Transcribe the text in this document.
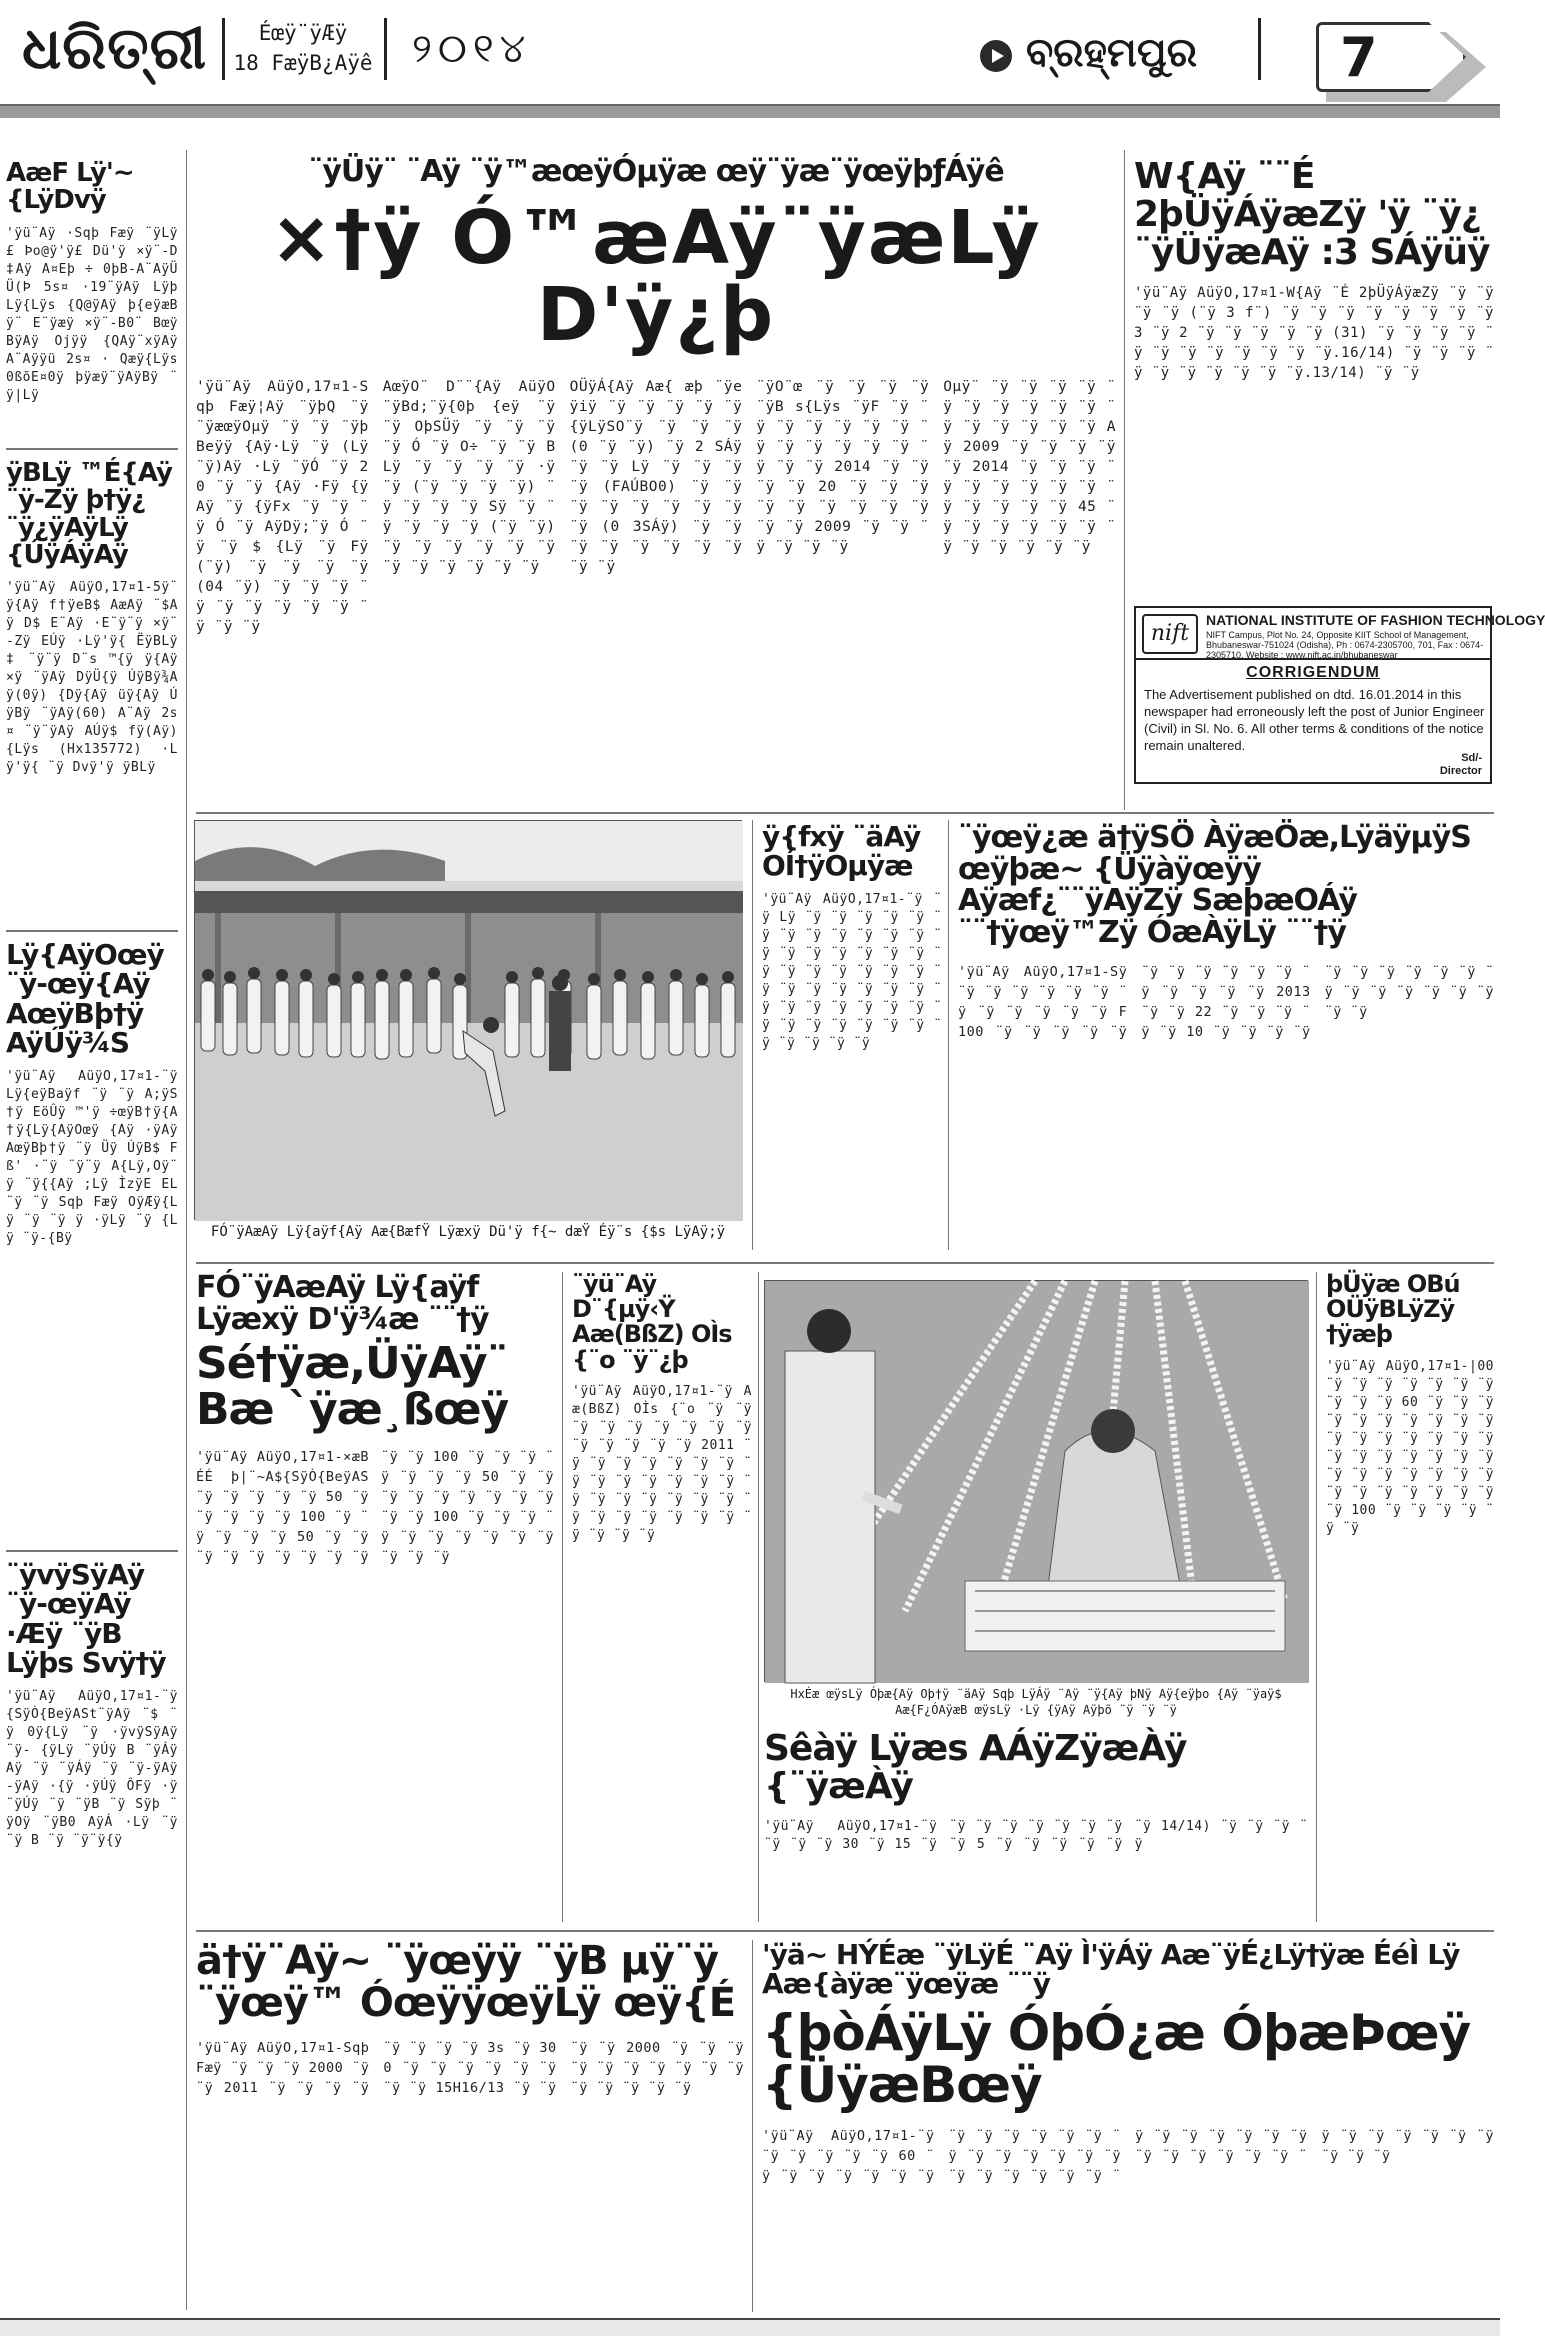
ଧରିତ୍ରୀ	Éœÿ¨ÿÆÿ
18 FæÿB¿Aÿê ୨୦୧୪	ବ୍ରହ୍ମପୁର	7
AæF Lÿ'~ {LÿDvÿ
'ÿü¨Aÿ ·Sqþ Fæÿ ¨ÿLÿ£ Þo@ÿ'ÿ£ Dü'ÿ ×ÿ¨-D‡Aÿ A¤Eþ ÷ 0þB-A¨AÿÜ Ü(Þ 5s¤ ·19¨ÿAÿ Lÿþ Lÿ{Lÿs {Q@ÿAÿ þ{eÿæBÿ¨ E¨ÿæÿ ×ÿ¨-B0¨ BœÿBÿAÿ Ojÿÿ {QAÿ¨xÿAÿ A¨Aÿÿü 2s¤ · Qæÿ{Lÿs 0ßõE¤0ÿ þÿæÿ¨ÿAÿBÿ ¨ÿ|Lÿ
ÿBLÿ ™É{Aÿ ¨ÿ-Zÿ þ†ÿ¿ ¨ÿ¿ÿAÿLÿ {ÚÿÁÿAÿ
'ÿü¨Aÿ AüÿO,17¤1-5ÿ¨ÿ{Aÿ f†ÿeB$ AæAÿ ¨$Aÿ D$ E¨Aÿ ·E¨ÿ¨ÿ ×ÿ¨-Zÿ EÚÿ ·Lÿ'ÿ{ ËÿBLÿ‡ ¨ÿ¨ÿ D¨s ™{ÿ ÿ{Aÿ ×ÿ ¨ÿAÿ DÿÜ{ÿ ÚÿBÿ¾Aÿ(0ÿ) {Dÿ{Aÿ üÿ{Aÿ ÚÿBÿ ¨ÿAÿ(60) A¨Aÿ 2s¤ ¨ÿ¨ÿAÿ AÚÿ$ fÿ(Aÿ){Lÿs (Hx135772) ·Lÿ'ÿ{ ¨ÿ Dvÿ'ÿ ÿBLÿ
Lÿ{AÿOœÿ ¨ÿ-œÿ{Aÿ AœÿBþ†ÿ AÿÚÿ¾S
'ÿü¨Aÿ AüÿO,17¤1-¨ÿ Lÿ{eÿBaÿf ¨ÿ ¨ÿ A;ÿS†ÿ EöÛÿ ™'ÿ ÷œÿB†ÿ{A†ÿ{Lÿ{AÿOœÿ {Aÿ ·ÿAÿ AœÿBþ†ÿ ¨ÿ Üÿ ÚÿB$ Fß' ·¨ÿ ¨ÿ¨ÿ A{Lÿ,Oÿ¨ÿ ¨ÿ{{Aÿ ;Lÿ ÌzÿE EL¨ÿ ¨ÿ Sqþ Fæÿ OÿÆÿ{Lÿ ¨ÿ ¨ÿ ÿ ·ÿLÿ ¨ÿ {Lÿ ¨ÿ-{Bÿ
¨ÿvÿSÿAÿ ¨ÿ-œÿAÿ ·Æÿ ¨ÿB Lÿþs Svÿ†ÿ
'ÿü¨Aÿ AüÿO,17¤1-¨ÿ {SÿÒ{BeÿASt¨ÿAÿ ¨$ ¨ÿ 0ÿ{Lÿ ¨ÿ ·ÿvÿSÿAÿ ¨ÿ- {ÿLÿ ¨ÿÚÿ B ¨ÿÁÿAÿ ¨ÿ ¨ÿÁÿ ¨ÿ ¨ÿ-ÿAÿ-ÿAÿ ·{ÿ ·ÿÚÿ ÔFÿ ·ÿ ¨ÿÚÿ ¨ÿ ¨ÿB ¨ÿ Sÿþ ¨ÿOÿ ¨ÿB0 AÿÁ ·Lÿ ¨ÿ ¨ÿ B ¨ÿ ¨ÿ¨ÿ{ÿ
¨ÿÜÿ¨ ¨Aÿ ¨ÿ™æœÿÓµÿæ œÿ¨ÿæ¨ÿœÿþƒÁÿê
×†ÿ Ó™æAÿ¨ÿæLÿ D'ÿ¿þ
'ÿü¨Aÿ AüÿO,17¤1-Sqþ Fæÿ¦Aÿ ¨ÿþQ ¨ÿ ¨ÿæœÿOµÿ ¨ÿ ¨ÿ ¨ÿþBeÿÿ {Aÿ·Lÿ ¨ÿ (Lÿ ¨ÿ)Aÿ ·Lÿ ¨ÿÓ ¨ÿ 20 ¨ÿ ¨ÿ {Aÿ ·Fÿ {ÿAÿ ¨ÿ {ÿFx ¨ÿ ¨ÿ ¨ÿ Ó ¨ÿ AÿDÿ;¨ÿ Ó ¨ÿ ¨ÿ $ {Lÿ ¨ÿ Fÿ (¨ÿ) ¨ÿ ¨ÿ ¨ÿ ¨ÿ (04 ¨ÿ) ¨ÿ ¨ÿ ¨ÿ ¨ÿ ¨ÿ ¨ÿ ¨ÿ ¨ÿ ¨ÿ ¨ÿ ¨ÿ ¨ÿ
AœÿO¨ D¨¨{Aÿ AüÿO ¨ÿBd;¨ÿ{0þ {eÿ ¨ÿ ¨ÿ OþSÜÿ ¨ÿ ¨ÿ ¨ÿ ¨ÿ Ó ¨ÿ O÷ ¨ÿ ¨ÿ B Lÿ ¨ÿ ¨ÿ ¨ÿ ¨ÿ ·ÿ ¨ÿ (¨ÿ ¨ÿ ¨ÿ ¨ÿ) ¨ÿ ¨ÿ ¨ÿ ¨ÿ Sÿ ¨ÿ ¨ÿ ¨ÿ ¨ÿ ¨ÿ (¨ÿ ¨ÿ) ¨ÿ ¨ÿ ¨ÿ ¨ÿ ¨ÿ ¨ÿ ¨ÿ ¨ÿ ¨ÿ ¨ÿ ¨ÿ ¨ÿ
OÜÿÁ{Aÿ Aæ{ æþ ¨ÿeÿiÿ ¨ÿ ¨ÿ ¨ÿ ¨ÿ ¨ÿ {ÿLÿSO¨ÿ ¨ÿ ¨ÿ ¨ÿ (0 ¨ÿ ¨ÿ) ¨ÿ 2 SÁÿ ¨ÿ ¨ÿ Lÿ ¨ÿ ¨ÿ ¨ÿ ¨ÿ (FAÚBO0) ¨ÿ ¨ÿ ¨ÿ ¨ÿ ¨ÿ ¨ÿ ¨ÿ ¨ÿ ¨ÿ (0 3SÁÿ) ¨ÿ ¨ÿ ¨ÿ ¨ÿ ¨ÿ ¨ÿ ¨ÿ ¨ÿ ¨ÿ ¨ÿ
¨ÿO¨œ ¨ÿ ¨ÿ ¨ÿ ¨ÿ ¨ÿB s{Lÿs ¨ÿF ¨ÿ ¨ÿ ¨ÿ ¨ÿ ¨ÿ ¨ÿ ¨ÿ ¨ÿ ¨ÿ ¨ÿ ¨ÿ ¨ÿ ¨ÿ ¨ÿ ¨ÿ ¨ÿ 2014 ¨ÿ ¨ÿ ¨ÿ ¨ÿ 20 ¨ÿ ¨ÿ ¨ÿ ¨ÿ ¨ÿ ¨ÿ ¨ÿ ¨ÿ ¨ÿ ¨ÿ ¨ÿ 2009 ¨ÿ ¨ÿ ¨ÿ ¨ÿ ¨ÿ ¨ÿ
Oµÿ¨ ¨ÿ ¨ÿ ¨ÿ ¨ÿ ¨ÿ ¨ÿ ¨ÿ ¨ÿ ¨ÿ ¨ÿ ¨ÿ ¨ÿ ¨ÿ ¨ÿ ¨ÿ ¨ÿ Aÿ 2009 ¨ÿ ¨ÿ ¨ÿ ¨ÿ ¨ÿ 2014 ¨ÿ ¨ÿ ¨ÿ ¨ÿ ¨ÿ ¨ÿ ¨ÿ ¨ÿ ¨ÿ ¨ÿ ¨ÿ ¨ÿ ¨ÿ ¨ÿ 45 ¨ÿ ¨ÿ ¨ÿ ¨ÿ ¨ÿ ¨ÿ ¨ÿ ¨ÿ ¨ÿ ¨ÿ ¨ÿ ¨ÿ
W{Aÿ ¨¨É 2þÜÿÁÿæZÿ 'ÿ ¨ÿ¿ ¨ÿÜÿæAÿ :3 SÁÿüÿ
'ÿü¨Aÿ AüÿO,17¤1-W{Aÿ ¨É 2þÜÿÁÿæZÿ ¨ÿ ¨ÿ ¨ÿ ¨ÿ (¨ÿ 3 f¨) ¨ÿ ¨ÿ ¨ÿ ¨ÿ ¨ÿ ¨ÿ ¨ÿ ¨ÿ 3 ¨ÿ 2 ¨ÿ ¨ÿ ¨ÿ ¨ÿ ¨ÿ (31) ¨ÿ ¨ÿ ¨ÿ ¨ÿ ¨ÿ ¨ÿ ¨ÿ ¨ÿ ¨ÿ ¨ÿ ¨ÿ ¨ÿ.16/14) ¨ÿ ¨ÿ ¨ÿ ¨ÿ ¨ÿ ¨ÿ ¨ÿ ¨ÿ ¨ÿ ¨ÿ.13/14) ¨ÿ ¨ÿ
nift
NATIONAL INSTITUTE OF FASHION TECHNOLOGY
NIFT Campus, Plot No. 24, Opposite KIIT School of Management, Bhubaneswar-751024 (Odisha), Ph : 0674-2305700, 701, Fax : 0674-2305710, Website : www.nift.ac.in/bhubaneswar
CORRIGENDUM
The Advertisement published on dtd. 16.01.2014 in this newspaper had erroneously left the post of Junior Engineer (Civil) in Sl. No. 6. All other terms & conditions of the notice remain unaltered.
Sd/-
Director
FÓ¨ÿAæAÿ Lÿ{aÿf{Aÿ Aæ{BæfŸ Lÿæxÿ Dü'ÿ f{~ dæŸ Éÿ¨s {$s LÿAÿ;ÿ
ÿ{fxÿ ¨äAÿ OÍ†ÿOµÿæ
'ÿü¨Aÿ AüÿO,17¤1-¨ÿ ¨ÿ Lÿ ¨ÿ ¨ÿ ¨ÿ ¨ÿ ¨ÿ ¨ÿ ¨ÿ ¨ÿ ¨ÿ ¨ÿ ¨ÿ ¨ÿ ¨ÿ ¨ÿ ¨ÿ ¨ÿ ¨ÿ ¨ÿ ¨ÿ ¨ÿ ¨ÿ ¨ÿ ¨ÿ ¨ÿ ¨ÿ ¨ÿ ¨ÿ ¨ÿ ¨ÿ ¨ÿ ¨ÿ ¨ÿ ¨ÿ ¨ÿ ¨ÿ ¨ÿ ¨ÿ ¨ÿ ¨ÿ ¨ÿ ¨ÿ ¨ÿ ¨ÿ ¨ÿ ¨ÿ ¨ÿ ¨ÿ ¨ÿ ¨ÿ ¨ÿ ¨ÿ ¨ÿ
¨ÿœÿ¿æ ä†ÿSÖ ÀÿæÖæ,LÿäÿµÿS œÿþæ~ {Üÿàÿœÿÿ Aÿæf¿¨¨ÿAÿZÿ SæþæOÁÿ ¨¨†ÿœÿ™Zÿ ÓæÀÿLÿ ¨¨†ÿ
'ÿü¨Aÿ AüÿO,17¤1-Sÿ ¨ÿ ¨ÿ ¨ÿ ¨ÿ ¨ÿ ¨ÿ ¨ÿ ¨ÿ ¨ÿ ¨ÿ ¨ÿ ¨ÿ F 100 ¨ÿ ¨ÿ ¨ÿ ¨ÿ ¨ÿ ¨ÿ ¨ÿ ¨ÿ ¨ÿ ¨ÿ ¨ÿ ¨ÿ ¨ÿ ¨ÿ ¨ÿ ¨ÿ 2013 ¨ÿ ¨ÿ 22 ¨ÿ ¨ÿ ¨ÿ ¨ÿ ¨ÿ 10 ¨ÿ ¨ÿ ¨ÿ ¨ÿ ¨ÿ ¨ÿ ¨ÿ ¨ÿ ¨ÿ ¨ÿ ¨ÿ ¨ÿ ¨ÿ ¨ÿ ¨ÿ ¨ÿ ¨ÿ ¨ÿ ¨ÿ
FÓ¨ÿAæAÿ Lÿ{aÿf Lÿæxÿ D'ÿ¾æ ¨¨†ÿ
Sé†ÿæ,ÜÿAÿ¨ Bæ `ÿæ¸ßœÿ
'ÿü¨Aÿ AüÿO,17¤1-×æB ÉÉ þ|¨~A${SÿÒ{BeÿAS ¨ÿ ¨ÿ ¨ÿ ¨ÿ ¨ÿ 50 ¨ÿ ¨ÿ ¨ÿ ¨ÿ ¨ÿ 100 ¨ÿ ¨ÿ ¨ÿ ¨ÿ ¨ÿ 50 ¨ÿ ¨ÿ ¨ÿ ¨ÿ ¨ÿ ¨ÿ ¨ÿ ¨ÿ ¨ÿ ¨ÿ ¨ÿ 100 ¨ÿ ¨ÿ ¨ÿ ¨ÿ ¨ÿ ¨ÿ ¨ÿ 50 ¨ÿ ¨ÿ ¨ÿ ¨ÿ ¨ÿ ¨ÿ ¨ÿ ¨ÿ ¨ÿ ¨ÿ ¨ÿ 100 ¨ÿ ¨ÿ ¨ÿ ¨ÿ ¨ÿ ¨ÿ ¨ÿ ¨ÿ ¨ÿ ¨ÿ ¨ÿ ¨ÿ ¨ÿ
¨ÿü¨Aÿ D¨{µÿ‹Ÿ Aæ(BßZ) OÌs {¨o ¨ÿ¨¿þ
'ÿü¨Aÿ AüÿO,17¤1-¨ÿ Aæ(BßZ) OÌs {¨o ¨ÿ ¨ÿ ¨ÿ ¨ÿ ¨ÿ ¨ÿ ¨ÿ ¨ÿ ¨ÿ ¨ÿ ¨ÿ ¨ÿ ¨ÿ ¨ÿ 2011 ¨ÿ ¨ÿ ¨ÿ ¨ÿ ¨ÿ ¨ÿ ¨ÿ ¨ÿ ¨ÿ ¨ÿ ¨ÿ ¨ÿ ¨ÿ ¨ÿ ¨ÿ ¨ÿ ¨ÿ ¨ÿ ¨ÿ ¨ÿ ¨ÿ ¨ÿ ¨ÿ ¨ÿ ¨ÿ ¨ÿ ¨ÿ ¨ÿ ¨ÿ ¨ÿ ¨ÿ ¨ÿ
HxÉæ œÿsLÿ Óþæ{Aÿ Oþ†ÿ ¨äAÿ Sqþ LÿÁÿ ¨Aÿ ¨ÿ{Aÿ þNÿ Aÿ{eÿþo {Aÿ ¨ÿaÿ$ Aæ{F¿ÓAÿæB œÿsLÿ ·Lÿ {ÿAÿ Aÿþõ ¨ÿ ¨ÿ ¨ÿ
þÜÿæ OBú OÜÿBLÿZÿ †ÿæþ
'ÿü¨Aÿ AüÿO,17¤1-|00 ¨ÿ ¨ÿ ¨ÿ ¨ÿ ¨ÿ ¨ÿ ¨ÿ ¨ÿ ¨ÿ ¨ÿ 60 ¨ÿ ¨ÿ ¨ÿ ¨ÿ ¨ÿ ¨ÿ ¨ÿ ¨ÿ ¨ÿ ¨ÿ ¨ÿ ¨ÿ ¨ÿ ¨ÿ ¨ÿ ¨ÿ ¨ÿ ¨ÿ ¨ÿ ¨ÿ ¨ÿ ¨ÿ ¨ÿ ¨ÿ ¨ÿ ¨ÿ ¨ÿ ¨ÿ ¨ÿ ¨ÿ ¨ÿ ¨ÿ ¨ÿ ¨ÿ ¨ÿ ¨ÿ ¨ÿ ¨ÿ ¨ÿ 100 ¨ÿ ¨ÿ ¨ÿ ¨ÿ ¨ÿ ¨ÿ
Sêàÿ Lÿæs AÁÿZÿæÀÿ {¨ÿæÀÿ
'ÿü¨Aÿ AüÿO,17¤1-¨ÿ ¨ÿ ¨ÿ ¨ÿ 30 ¨ÿ 15 ¨ÿ ¨ÿ ¨ÿ ¨ÿ ¨ÿ ¨ÿ ¨ÿ ¨ÿ ¨ÿ 5 ¨ÿ ¨ÿ ¨ÿ ¨ÿ ¨ÿ ¨ÿ 14/14) ¨ÿ ¨ÿ ¨ÿ ¨ÿ
ä†ÿ¨Aÿ~ ¨ÿœÿÿ ¨ÿB µÿ¨ÿ ¨ÿœÿ™ ÓœÿÿœÿLÿ œÿ{É
'ÿü¨Aÿ AüÿO,17¤1-Sqþ Fæÿ ¨ÿ ¨ÿ ¨ÿ 2000 ¨ÿ ¨ÿ 2011 ¨ÿ ¨ÿ ¨ÿ ¨ÿ ¨ÿ ¨ÿ ¨ÿ ¨ÿ 3s ¨ÿ 300 ¨ÿ ¨ÿ ¨ÿ ¨ÿ ¨ÿ ¨ÿ ¨ÿ ¨ÿ 15H16/13 ¨ÿ ¨ÿ ¨ÿ ¨ÿ 2000 ¨ÿ ¨ÿ ¨ÿ ¨ÿ ¨ÿ ¨ÿ ¨ÿ ¨ÿ ¨ÿ ¨ÿ ¨ÿ ¨ÿ ¨ÿ ¨ÿ ¨ÿ
'ÿä~ HÝÉæ ¨ÿLÿÉ ¨Aÿ Ì'ÿÁÿ Aæ¨ÿÉ¿Lÿ†ÿæ ÉéÌ Lÿ Aæ{àÿæ¨ÿœÿæ ¨¨ÿ
{þòÁÿLÿ ÓþÓ¿æ ÓþæÞœÿ {ÜÿæBœÿ
'ÿü¨Aÿ AüÿO,17¤1-¨ÿ ¨ÿ ¨ÿ ¨ÿ ¨ÿ ¨ÿ 60 ¨ÿ ¨ÿ ¨ÿ ¨ÿ ¨ÿ ¨ÿ ¨ÿ ¨ÿ ¨ÿ ¨ÿ ¨ÿ ¨ÿ ¨ÿ ¨ÿ ¨ÿ ¨ÿ ¨ÿ ¨ÿ ¨ÿ ¨ÿ ¨ÿ ¨ÿ ¨ÿ ¨ÿ ¨ÿ ¨ÿ ¨ÿ ¨ÿ ¨ÿ ¨ÿ ¨ÿ ¨ÿ ¨ÿ ¨ÿ ¨ÿ ¨ÿ ¨ÿ ¨ÿ ¨ÿ ¨ÿ ¨ÿ ¨ÿ ¨ÿ ¨ÿ ¨ÿ ¨ÿ ¨ÿ ¨ÿ ¨ÿ
